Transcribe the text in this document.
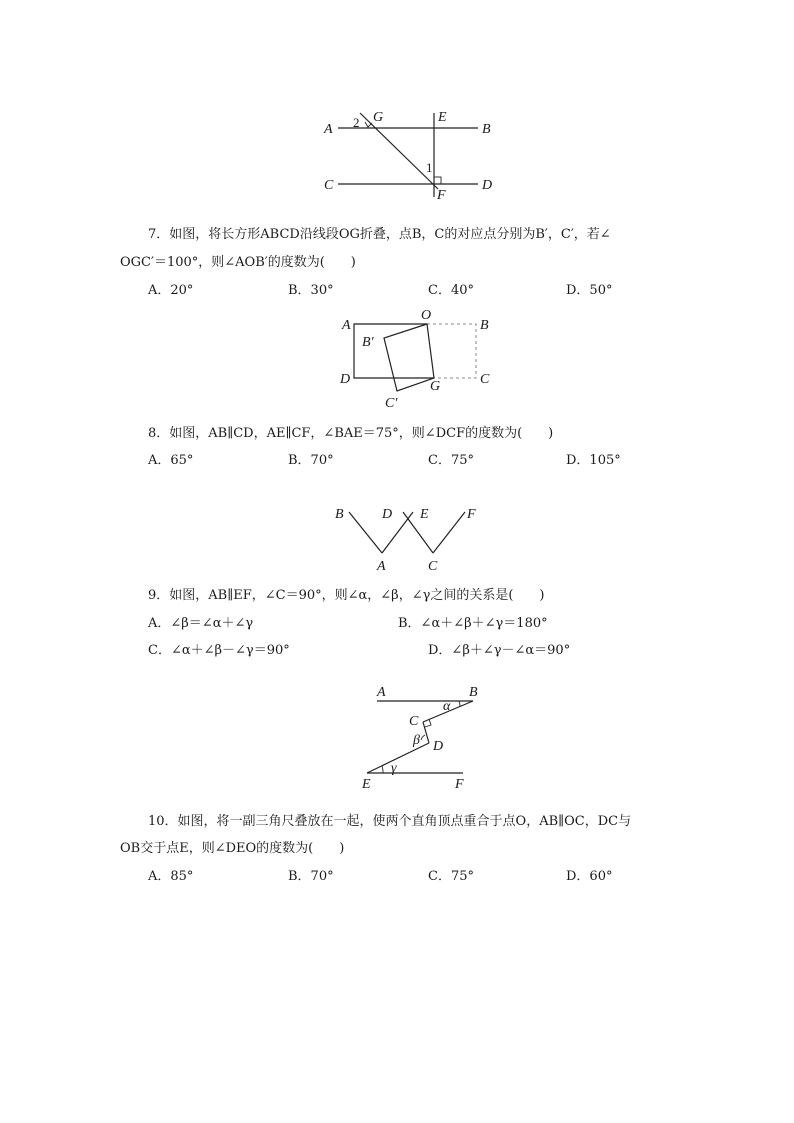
A	B
C	D
E
F
G
1
2
7．如图，将长方形ABCD沿线段OG折叠，点B，C的对应点分别为B′，C′，若∠
OGC′＝100°，则∠AOB′的度数为(　　)
A．20°	B．30°	C．40°	D．50°
A
O
B
B′
D	G	C
C′
8．如图，AB∥CD，AE∥CF，∠BAE＝75°，则∠DCF的度数为(　　)
A．65°	B．70°	C．75°	D．105°
B	D E	F
A	C
9．如图，AB∥EF，∠C＝90°，则∠α，∠β，∠γ之间的关系是(　　)
A．∠β＝∠α＋∠γ	B．∠α＋∠β＋∠γ＝180°
C．∠α＋∠β－∠γ＝90°	D．∠β＋∠γ－∠α＝90°
A	B
C
D
E	F
α
β
γ
10．如图，将一副三角尺叠放在一起，使两个直角顶点重合于点O，AB∥OC，DC与
OB交于点E，则∠DEO的度数为(　　)
A．85°	B．70°	C．75°	D．60°
